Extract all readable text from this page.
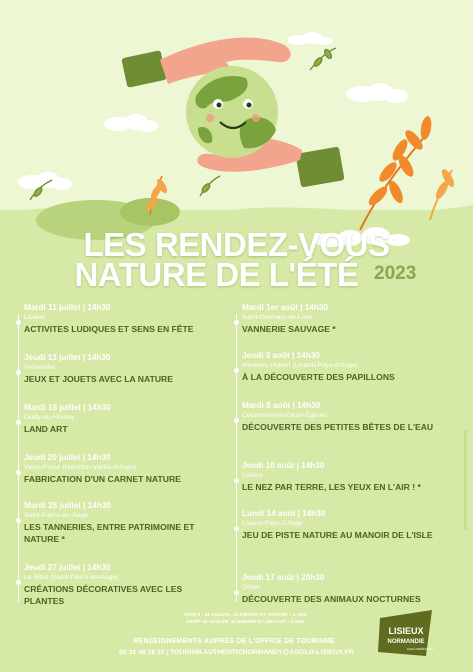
LES RENDEZ-VOUS

NATURE DE L'ÉTÉ 2023

Mardi 11 juillet | 14h30

Lisieux

ACTIVITES LUDIQUES ET SENS EN FÊTE

Jeudi 13 juillet | 14h30

Prêtreville

JEUX ET JOUETS AVEC LA NATURE

Mardi 18 juillet | 14h30

Ouilly-du-Houley

LAND ART

Jeudi 20 juillet | 14h30

Vieux-Fumé (Mézidon-Vallée-d'Auge)

FABRICATION D'UN CARNET NATURE

Mardi 25 juillet | 14h30

Saint-Pierre-en-Auge

LES TANNERIES, ENTRE PATRIMOINE ET NATURE *

Jeudi 27 juillet | 14h30

Le Billot (Saint-Pierre-en-Auge)

CRÉATIONS DÉCORATIVES AVEC LES PLANTES

Mardi 1er août | 14h30

Saint-Germain-de-Livet

VANNERIE SAUVAGE *

Jeudi 3 août | 14h30

Moutiers-Hubert (Livarot-Pays-d'Auge)

À LA DÉCOUVERTE DES PAPILLONS

Mardi 8 août | 14h30

Courtonne-les-Deux-Églises

DÉCOUVERTE DES PETITES BÊTES DE L'EAU

Jeudi 10 août | 14h30

Lisieux

LE NEZ PAR TERRE, LES YEUX EN L'AIR ! *

Lundi 14 août | 14h30

Livarot-Pays-d'Auge

JEU DE PISTE NATURE AU MANOIR DE L'ISLE

Jeudi 17 août | 20h30

Orbec

DÉCOUVERTE DES ANIMAUX NOCTURNES

TARIFS : 3€ ADULTE, 2€ ENFANT ET GRATUIT - 4 ANS

SHOP* 3€ ADULTE, 3€ ENFANT ET GRATUIT - 4 ANS

RENSEIGNEMENTS AUPRÈS DE L'OFFICE DE TOURISME :

02 31 48 18 10 | TOURISM.AUTHENTICNORMANDY@AGGLO-LISIEUX.FR

LISIEUX
NORMANDIE
AGGLOMÉRATION
